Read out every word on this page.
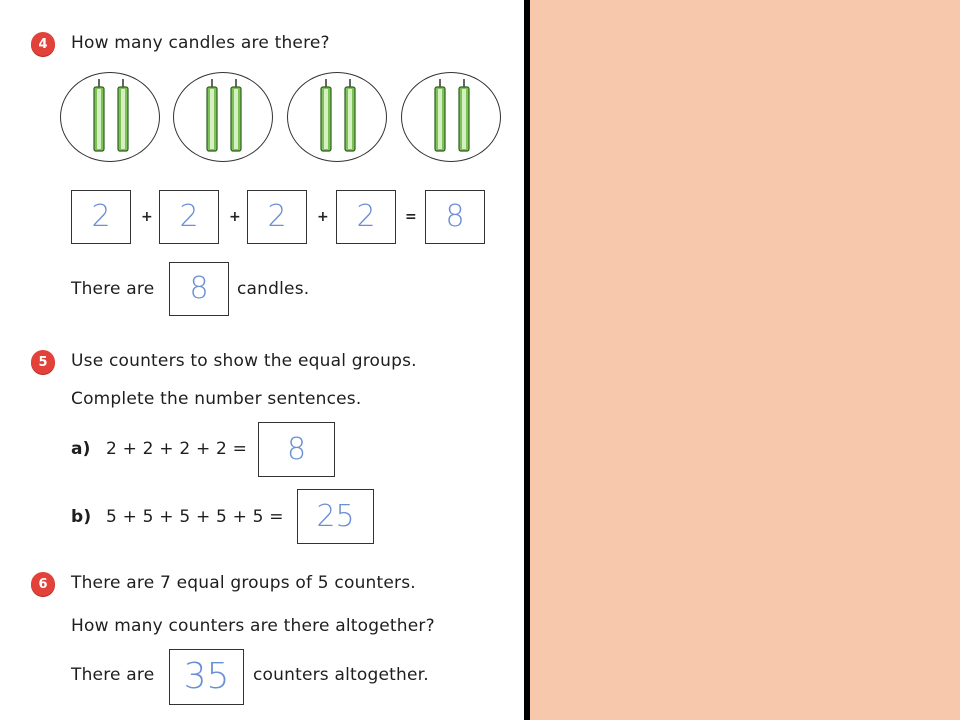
4	How many candles are there?
2 + 2 + 2 + 2 = 8
There are 8 candles.
5	Use counters to show the equal groups.
Complete the number sentences.
a) 2 + 2 + 2 + 2 = 8
b) 5 + 5 + 5 + 5 + 5 = 25
6	There are 7 equal groups of 5 counters.
How many counters are there altogether?
There are 35 counters altogether.
